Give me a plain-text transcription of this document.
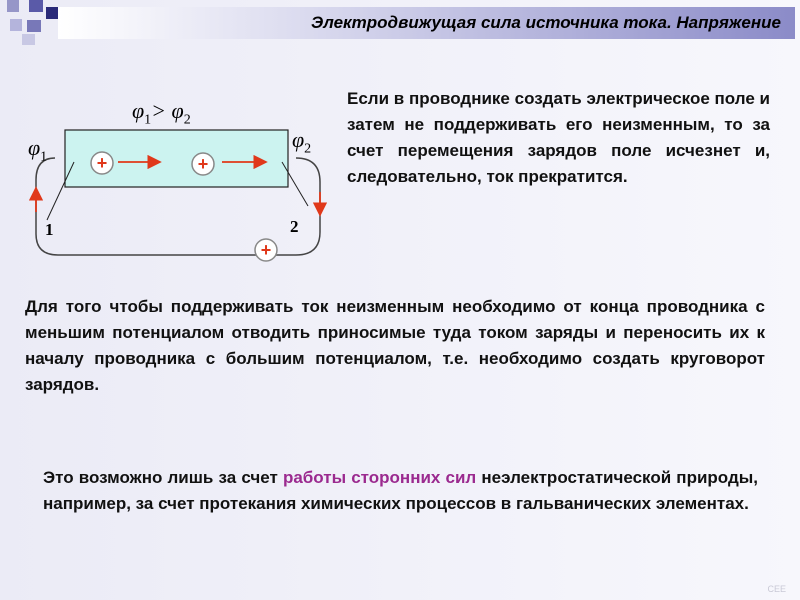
Электродвижущая сила источника тока. Напряжение
+	+
+
$\varphi_1> \varphi_2$
$\varphi_1$
$\varphi_2$
1	2

Если в проводнике создать электрическое поле и затем не поддерживать его неизменным, то за счет перемещения зарядов поле исчезнет и, следовательно, ток прекратится.

Для того чтобы поддерживать ток неизменным необходимо от конца проводника с меньшим потенциалом отводить приносимые туда током заряды и переносить их к началу проводника с большим потенциалом, т.е. необходимо создать круговорот зарядов.

Это возможно лишь за счет работы сторонних сил неэлектростатической природы, например, за счет протекания химических процессов в гальванических элементах.

CEE
